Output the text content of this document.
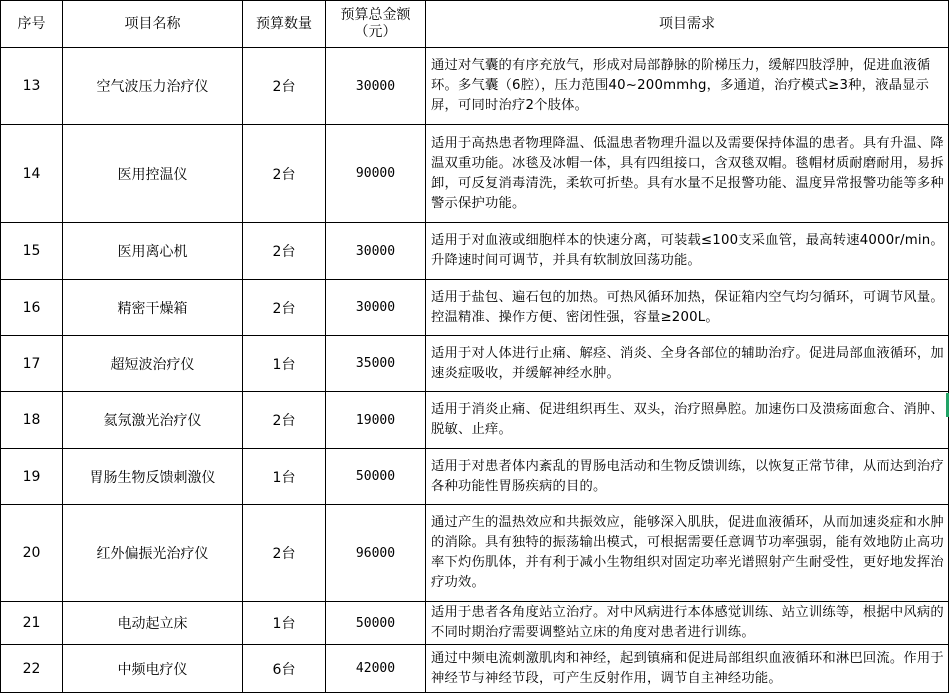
序号	项目名称	预算数量	预算总金额（元）	项目需求
13	空气波压力治疗仪	2台	30000	通过对气囊的有序充放气，形成对局部静脉的阶梯压力，缓解四肢浮肿，促进血液循环。多气囊（6腔），压力范围40~200mmhg，多通道，治疗模式≥3种，液晶显示屏，可同时治疗2个肢体。

14	医用控温仪	2台	90000	适用于高热患者物理降温、低温患者物理升温以及需要保持体温的患者。具有升温、降温双重功能。冰毯及冰帽一体，具有四组接口，含双毯双帽。毯帽材质耐磨耐用，易拆卸，可反复消毒清洗，柔软可折垫。具有水量不足报警功能、温度异常报警功能等多种警示保护功能。

15	医用离心机	2台	30000	适用于对血液或细胞样本的快速分离，可装载≤100支采血管，最高转速4000r/min。升降速时间可调节，并具有软制放回荡功能。

16	精密干燥箱	2台	30000	适用于盐包、遍石包的加热。可热风循环加热，保证箱内空气均匀循环，可调节风量。控温精准、操作方便、密闭性强，容量≥200L。

17	超短波治疗仪	1台	35000	适用于对人体进行止痛、解痉、消炎、全身各部位的辅助治疗。促进局部血液循环，加速炎症吸收，并缓解神经水肿。

18	氦氖激光治疗仪	2台	19000	适用于消炎止痛、促进组织再生、双头，治疗照鼻腔。加速伤口及溃疡面愈合、消肿、脱敏、止痒。

19	胃肠生物反馈刺激仪	1台	50000	适用于对患者体内紊乱的胃肠电活动和生物反馈训练，以恢复正常节律，从而达到治疗各种功能性胃肠疾病的目的。

20	红外偏振光治疗仪	2台	96000	通过产生的温热效应和共振效应，能够深入肌肤，促进血液循环，从而加速炎症和水肿的消除。具有独特的振荡输出模式，可根据需要任意调节功率强弱，能有效地防止高功率下灼伤肌体，并有利于减小生物组织对固定功率光谱照射产生耐受性，更好地发挥治疗功效。

21	电动起立床	1台	50000	适用于患者各角度站立治疗。对中风病进行本体感觉训练、站立训练等，根据中风病的不同时期治疗需要调整站立床的角度对患者进行训练。

22	中频电疗仪	6台	42000	通过中频电流刺激肌肉和神经，起到镇痛和促进局部组织血液循环和淋巴回流。作用于神经节与神经节段，可产生反射作用，调节自主神经功能。
